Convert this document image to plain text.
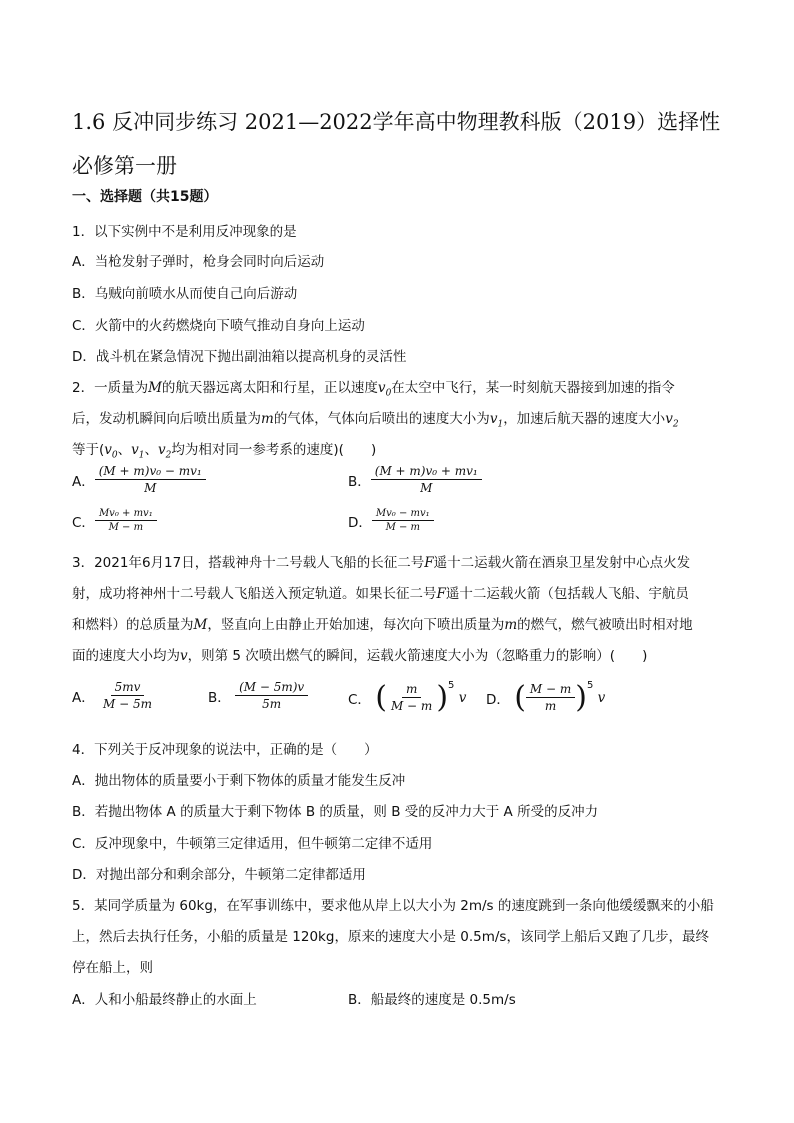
1.6 反冲同步练习 2021—2022学年高中物理教科版（2019）选择性必修第一册
一、选择题（共15题）
1．以下实例中不是利用反冲现象的是
A．当枪发射子弹时，枪身会同时向后运动
B．乌贼向前喷水从而使自己向后游动
C．火箭中的火药燃烧向下喷气推动自身向上运动
D．战斗机在紧急情况下抛出副油箱以提高机身的灵活性
2．一质量为M的航天器远离太阳和行星，正以速度$v_0$在太空中飞行，某一时刻航天器接到加速的指令
后，发动机瞬间向后喷出质量为m的气体，气体向后喷出的速度大小为$v_1$，加速后航天器的速度大小$v_2$
等于($v_0$、$v_1$、$v_2$均为相对同一参考系的速度)(　　)
A． $\frac{\text{(M + m)v₀ − mv₁}}{M}$	B． $\frac{\text{(M + m)v₀ + mv₁}}{M}$
C． $\frac{\text{Mv₀ + mv₁}}{M - m}$	D． $\frac{\text{Mv₀ − mv₁}}{M - m}$
3．2021年6月17日，搭载神舟十二号载人飞船的长征二号F遥十二运载火箭在酒泉卫星发射中心点火发
射，成功将神州十二号载人飞船送入预定轨道。如果长征二号F遥十二运载火箭（包括载人飞船、宇航员
和燃料）的总质量为M，竖直向上由静止开始加速，每次向下喷出质量为m的燃气，燃气被喷出时相对地
面的速度大小均为v，则第 5 次喷出燃气的瞬间，运载火箭速度大小为（忽略重力的影响）(　　)
A．
$\frac{5mv}{M - 5m}$	B．
$\frac{(M - 5m)v}{5m}$	C．
( $\frac{m}{M - m} )^5$

v D．
( $\frac{M - m}{m} )^5$

v
4．下列关于反冲现象的说法中，正确的是（　　）
A．抛出物体的质量要小于剩下物体的质量才能发生反冲
B．若抛出物体 A 的质量大于剩下物体 B 的质量，则 B 受的反冲力大于 A 所受的反冲力
C．反冲现象中，牛顿第三定律适用，但牛顿第二定律不适用
D．对抛出部分和剩余部分，牛顿第二定律都适用
5．某同学质量为 60kg，在军事训练中，要求他从岸上以大小为 2m/s 的速度跳到一条向他缓缓飘来的小船
上，然后去执行任务，小船的质量是 120kg，原来的速度大小是 0.5m/s，该同学上船后又跑了几步，最终
停在船上，则
A．人和小船最终静止的水面上	B．船最终的速度是 0.5m/s
